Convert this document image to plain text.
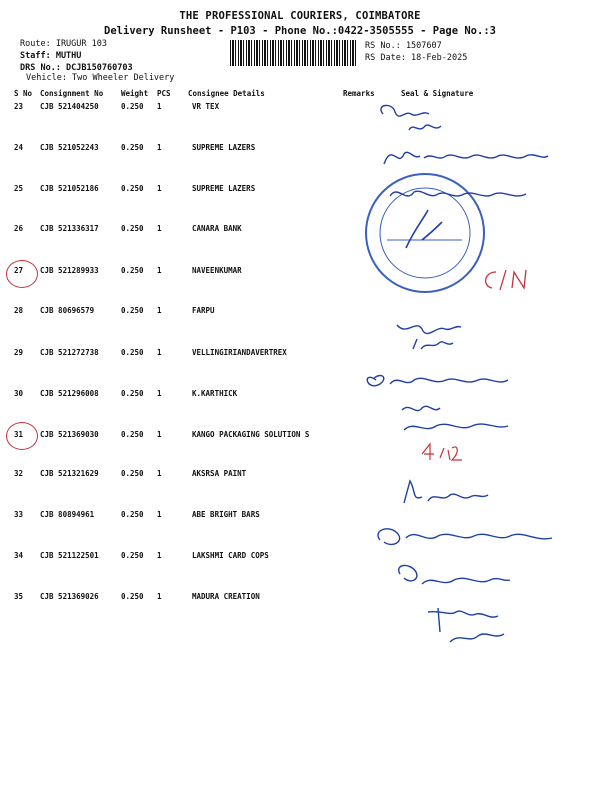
THE PROFESSIONAL COURIERS, COIMBATORE
Delivery Runsheet - P103 - Phone No.:0422-3505555 - Page No.:3
Route: IRUGUR 103
Staff: MUTHU
DRS No.: DCJB150760703
Vehicle: Two Wheeler Delivery
RS No.: 1507607
RS Date: 18-Feb-2025
S No Consignment No Weight PCS Consignee Details	Remarks	Seal & Signature
23 CJB 521404250	0.250 1	VR TEX
24 CJB 521052243	0.250 1	SUPREME LAZERS
25 CJB 521052186	0.250 1	SUPREME LAZERS
26 CJB 521336317	0.250 1	CANARA BANK
27 CJB 521289933	0.250 1	NAVEENKUMAR
28 CJB 80696579	0.250 1	FARPU
29 CJB 521272738	0.250 1	VELLINGIRIANDAVERTREX
30 CJB 521296008	0.250 1	K.KARTHICK
31 CJB 521369030	0.250 1	KANGO PACKAGING SOLUTION S
32 CJB 521321629	0.250 1	AKSRSA PAINT
33 CJB 80894961	0.250 1	ABE BRIGHT BARS
34 CJB 521122501	0.250 1	LAKSHMI CARD COPS
35 CJB 521369026	0.250 1	MADURA CREATION
